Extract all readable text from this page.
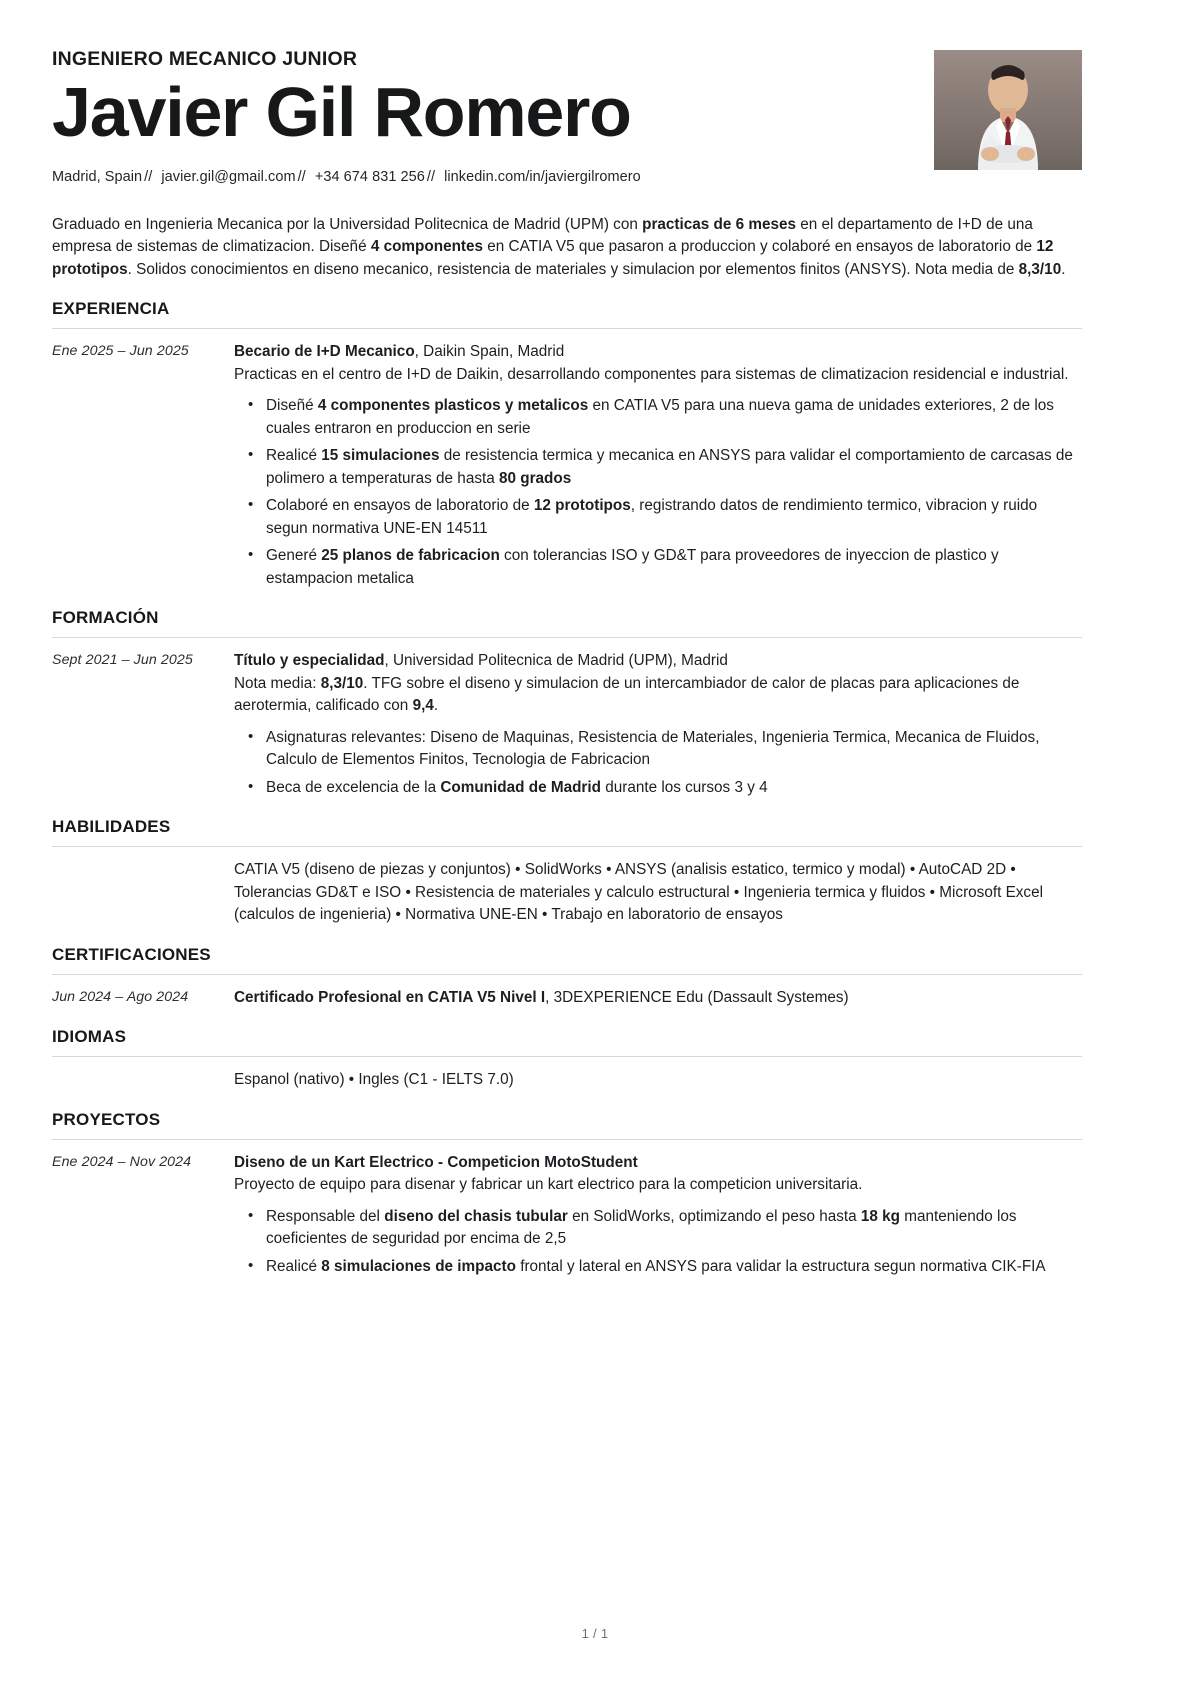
INGENIERO MECANICO JUNIOR
Javier Gil Romero
Madrid, Spain // javier.gil@gmail.com // +34 674 831 256 // linkedin.com/in/javiergilromero

Graduado en Ingenieria Mecanica por la Universidad Politecnica de Madrid (UPM) con practicas de 6 meses en el departamento de I+D de una empresa de sistemas de climatizacion. Diseñé 4 componentes en CATIA V5 que pasaron a produccion y colaboré en ensayos de laboratorio de 12 prototipos. Solidos conocimientos en diseno mecanico, resistencia de materiales y simulacion por elementos finitos (ANSYS). Nota media de 8,3/10.

EXPERIENCIA
Ene 2025 – Jun 2025	Becario de I+D Mecanico, Daikin Spain, Madrid
Practicas en el centro de I+D de Daikin, desarrollando componentes para sistemas de climatizacion residencial e industrial.
• Diseñé 4 componentes plasticos y metalicos en CATIA V5 para una nueva gama de unidades exteriores, 2 de los cuales entraron en produccion en serie
• Realicé 15 simulaciones de resistencia termica y mecanica en ANSYS para validar el comportamiento de carcasas de polimero a temperaturas de hasta 80 grados
• Colaboré en ensayos de laboratorio de 12 prototipos, registrando datos de rendimiento termico, vibracion y ruido segun normativa UNE-EN 14511
• Generé 25 planos de fabricacion con tolerancias ISO y GD&T para proveedores de inyeccion de plastico y estampacion metalica
FORMACIÓN
Sept 2021 – Jun 2025	Título y especialidad, Universidad Politecnica de Madrid (UPM), Madrid
Nota media: 8,3/10. TFG sobre el diseno y simulacion de un intercambiador de calor de placas para aplicaciones de aerotermia, calificado con 9,4.
• Asignaturas relevantes: Diseno de Maquinas, Resistencia de Materiales, Ingenieria Termica, Mecanica de Fluidos, Calculo de Elementos Finitos, Tecnologia de Fabricacion
• Beca de excelencia de la Comunidad de Madrid durante los cursos 3 y 4
HABILIDADES
CATIA V5 (diseno de piezas y conjuntos) • SolidWorks • ANSYS (analisis estatico, termico y modal) • AutoCAD 2D • Tolerancias GD&T e ISO • Resistencia de materiales y calculo estructural • Ingenieria termica y fluidos • Microsoft Excel (calculos de ingenieria) • Normativa UNE-EN • Trabajo en laboratorio de ensayos
CERTIFICACIONES
Jun 2024 – Ago 2024	Certificado Profesional en CATIA V5 Nivel I, 3DEXPERIENCE Edu (Dassault Systemes)
IDIOMAS
Espanol (nativo) • Ingles (C1 - IELTS 7.0)
PROYECTOS
Ene 2024 – Nov 2024	Diseno de un Kart Electrico - Competicion MotoStudent
Proyecto de equipo para disenar y fabricar un kart electrico para la competicion universitaria.
• Responsable del diseno del chasis tubular en SolidWorks, optimizando el peso hasta 18 kg manteniendo los coeficientes de seguridad por encima de 2,5
• Realicé 8 simulaciones de impacto frontal y lateral en ANSYS para validar la estructura segun normativa CIK-FIA
1 / 1
